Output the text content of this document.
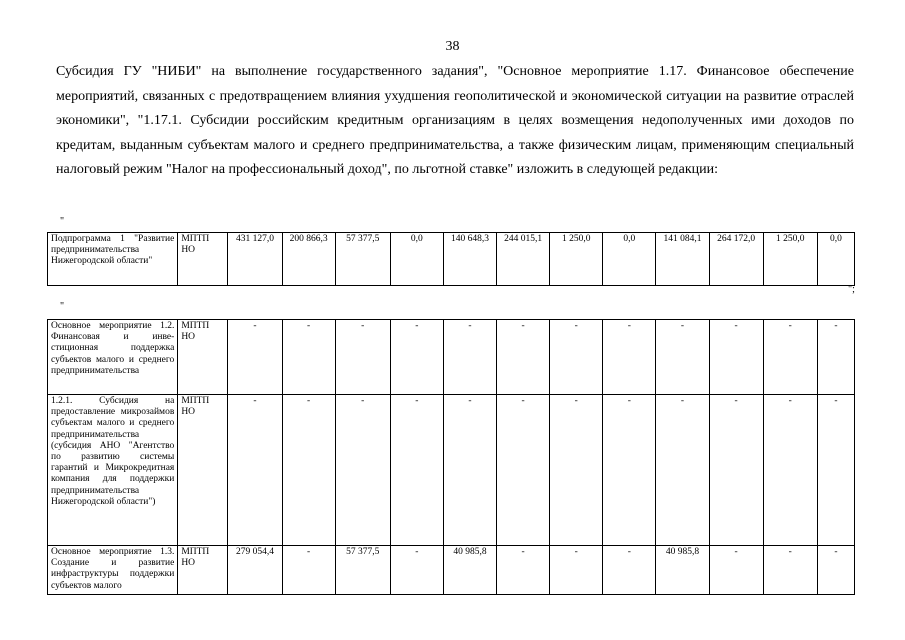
38
Субсидия ГУ "НИБИ" на выполнение государственного задания", "Основное мероприятие 1.17. Финансовое обеспечение мероприятий, связанных с предотвращением влияния ухудшения геополитической и экономической ситуации на развитие отраслей экономики", "1.17.1. Субсидии российским кредитным организациям в целях возмещения недополученных ими доходов по кредитам, выданным субъектам малого и среднего предпринимательства, а также физическим лицам, применяющим специальный налоговый режим "Налог на профессиональный доход", по льготной ставке" изложить в следующей редакции:
"
Подпрограмма 1 "Развитие предпринимательства Нижегородской области"	МПТП НО	431 127,0	200 866,3	57 377,5	0,0	140 648,3	244 015,1	1 250,0	0,0	141 084,1	264 172,0	1 250,0	0,0
";
"
Основное мероприятие 1.2. Финансовая и инвестиционная поддержка субъектов малого и среднего предпринимательства	МПТП НО	-	-	-	-	-	-	-	-	-	-	-	-
1.2.1. Субсидия на предоставление микрозаймов субъектам малого и среднего предпринимательства (субсидия АНО "Агентство по развитию системы гарантий и Микрокредитная компания для поддержки предпринимательства Нижегородской области")	МПТП НО	-	-	-	-	-	-	-	-	-	-	-	-
Основное мероприятие 1.3. Создание и развитие инфраструктуры поддержки субъектов малого	МПТП НО	279 054,4	-	57 377,5	-	40 985,8	-	-	-	40 985,8	-	-	-
